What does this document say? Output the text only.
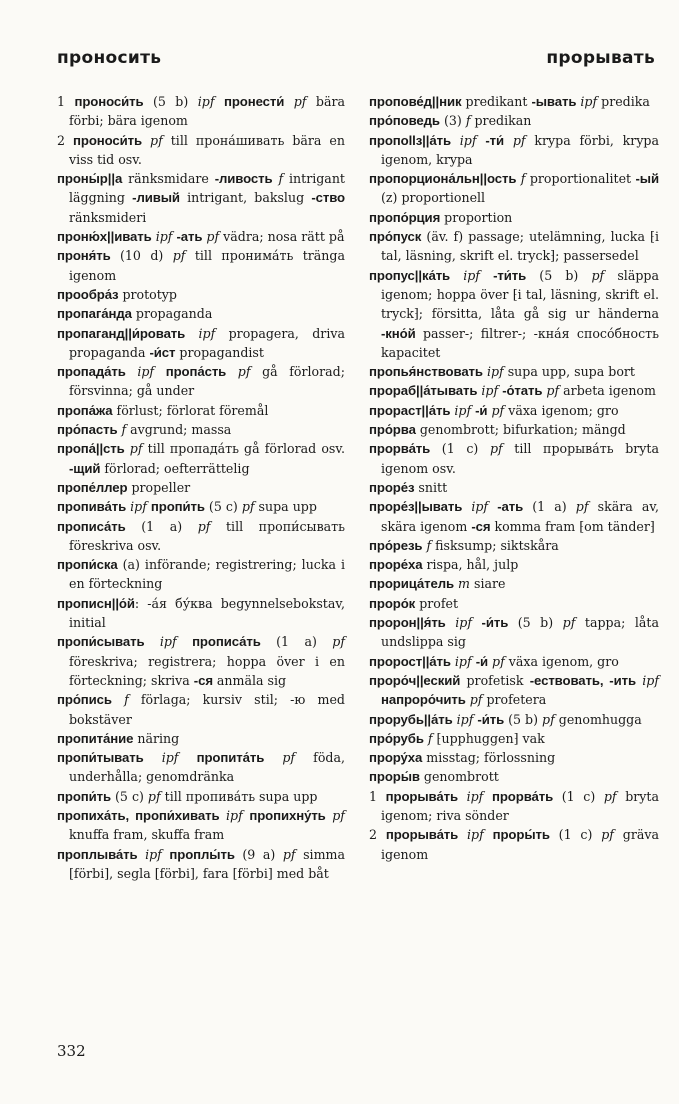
проносить	прорывать
1 проноси́ть (5 b) ipf пронести́ pf bära förbi; bära igenom
2 проноси́ть pf till прона́шивать bära en viss tid osv.
проны́р||а ränksmidare -ливость f intrigant läggning -ливый intrigant, bakslug -ство ränksmideri
проню́х||ивать ipf -ать pf vädra; nosa rätt på
проня́ть (10 d) pf till пронима́ть tränga igenom
прообра́з prototyp
пропага́нда propaganda
пропаганд||и́ровать ipf propagera, driva propaganda -и́ст propagandist
пропада́ть ipf пропа́сть pf gå förlorad; försvinna; gå under
пропа́жа förlust; förlorat föremål
про́пасть f avgrund; massa
пропа́||сть pf till пропада́ть gå förlorad osv. -щий förlorad; oefterrättelig
пропе́ллер propeller
пропива́ть ipf пропи́ть (5 c) pf supa upp
прописа́ть (1 a) pf till пропи́сывать föreskriva osv.
пропи́ска (a) införande; registrering; lucka i en förteckning
прописн||о́й: -а́я бу́ква begynnelsebokstav, initial
пропи́сывать ipf прописа́ть (1 a) pf föreskriva; registrera; hoppa över i en förteckning; skriva -ся anmäla sig
про́пись f förlaga; kursiv stil; -ю med bokstäver
пропита́ние näring
пропи́тывать ipf пропита́ть pf föda, underhålla; genomdränka
пропи́ть (5 c) pf till пропива́ть supa upp
пропиха́ть, пропи́хивать ipf пропихну́ть pf knuffa fram, skuffa fram
проплыва́ть ipf проплы́ть (9 a) pf simma [förbi], segla [förbi], fara [förbi] med båt
пропове́д||ник predikant -ывать ipf predika
про́поведь (3) f predikan
пропollз||а́ть ipf -ти́ pf krypa förbi, krypa igenom, krypa
пропорциона́льн||ость f proportionalitet -ый (z) proportionell
пропо́рция proportion
про́пуск (äv. f) passage; utelämning, lucka ⁅i tal, läsning, skrift el. tryck⁆; passersedel
пропус||ка́ть ipf -ти́ть (5 b) pf släppa igenom; hoppa över ⁅i tal, läsning, skrift el. tryck⁆; försitta, låta gå sig ur händerna -кно́й passer-; filtrer-; -кна́я спосо́бность kapacitet
пропья́нствовать ipf supa upp, supa bort
прораб||а́тывать ipf -о́тать pf arbeta igenom
прораст||а́ть ipf -и́ pf växa igenom; gro
про́рва genombrott; bifurkation; mängd
прорва́ть (1 c) pf till прорыва́ть bryta igenom osv.
проре́з snitt
проре́з||ывать ipf -ать (1 a) pf skära av, skära igenom -ся komma fram ⁅om tänder⁆
про́резь f fisksump; siktskåra
проре́ха rispa, hål, julp
прорица́тель m siare
проро́к profet
пророн||я́ть ipf -и́ть (5 b) pf tappa; låta undslippa sig
пророст||а́ть ipf -и́ pf växa igenom, gro
проро́ч||еский profetisk -ествовать, -ить ipf напроро́чить pf profetera
прорубь||а́ть ipf -и́ть (5 b) pf genomhugga
про́рубь f ⁅upphuggen⁆ vak
прору́ха misstag; förlossning
проры́в genombrott
1 прорыва́ть ipf прорва́ть (1 c) pf bryta igenom; riva sönder
2 прорыва́ть ipf проры́ть (1 c) pf gräva igenom
332
